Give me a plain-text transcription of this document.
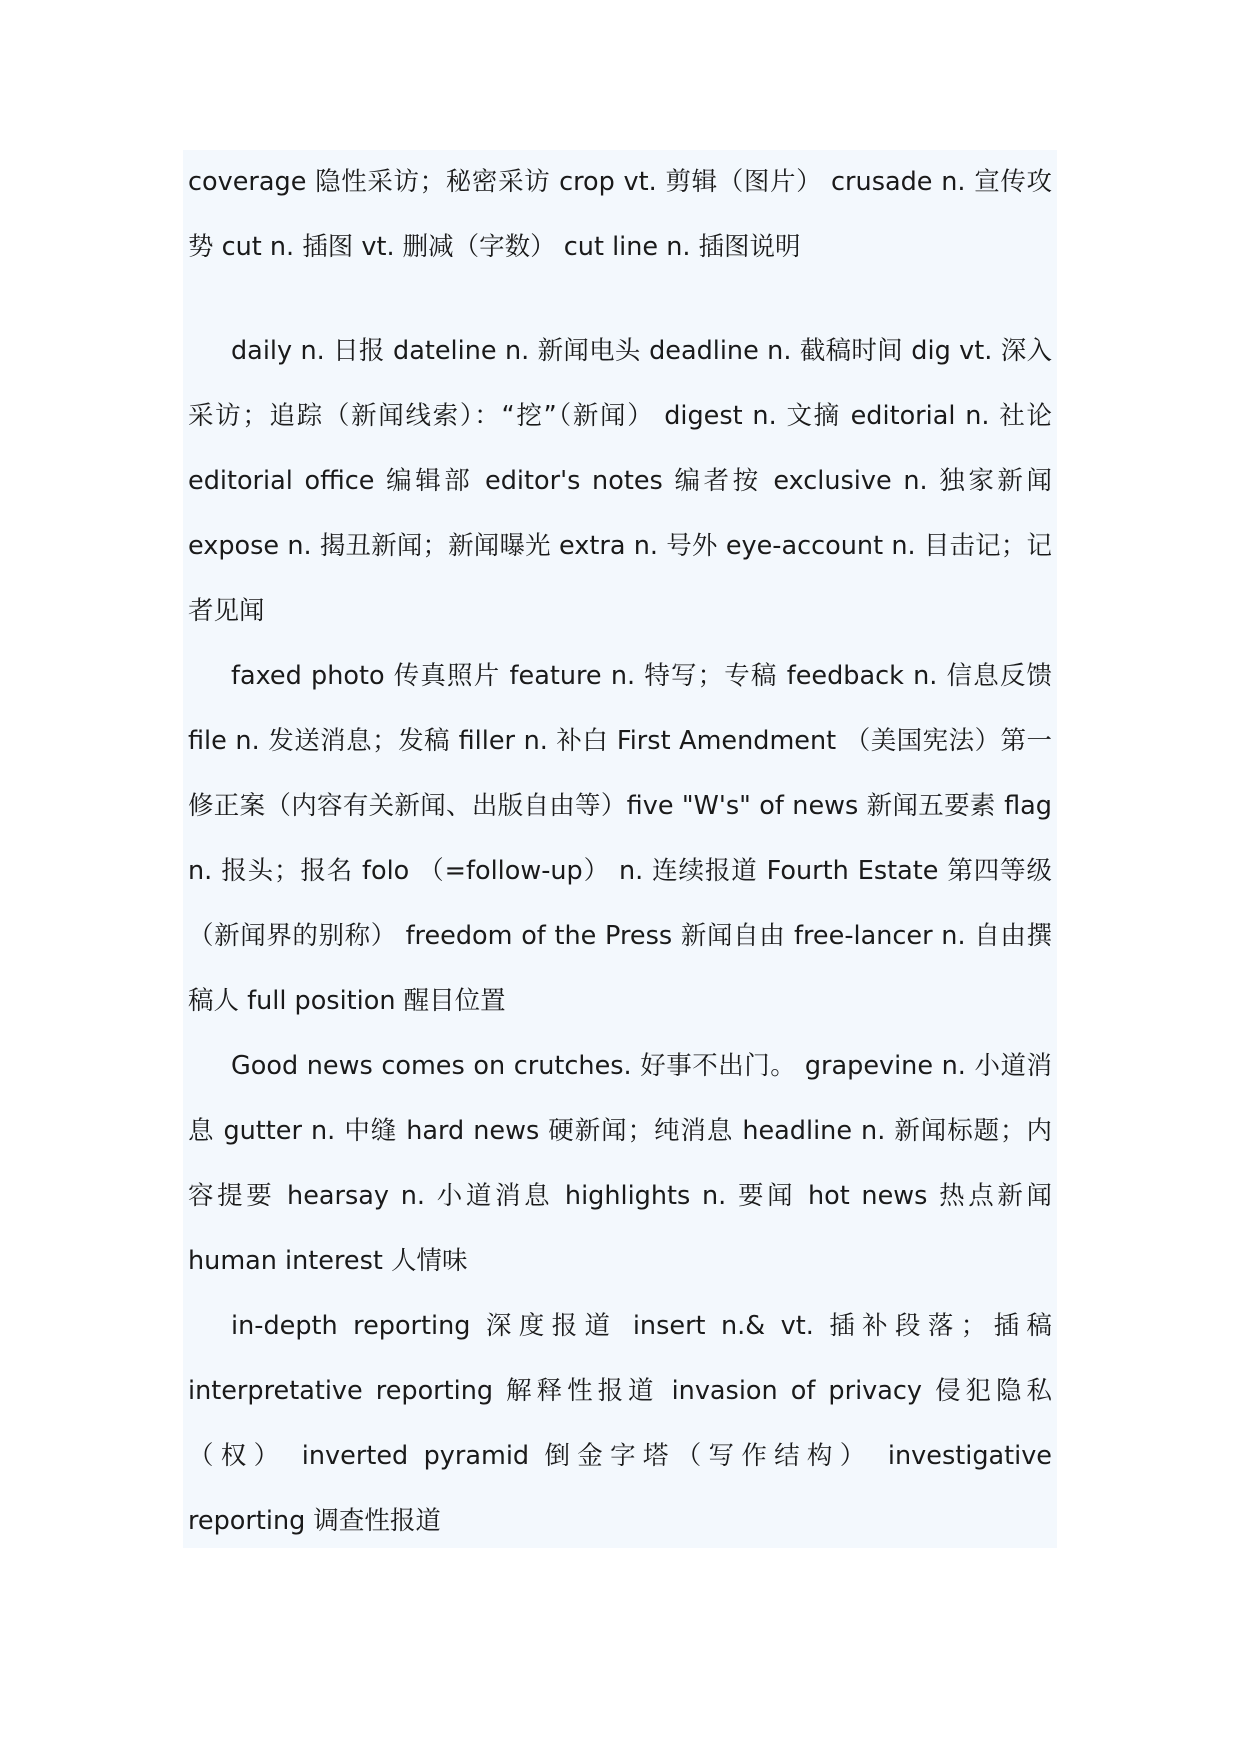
coverage 隐性采访；秘密采访 crop vt. 剪辑（图片） crusade n. 宣传攻势 cut n. 插图 vt. 删减（字数） cut line n. 插图说明

daily n. 日报 dateline n. 新闻电头 deadline n. 截稿时间 dig vt. 深入采访；追踪（新闻线索）：“挖”（新闻） digest n. 文摘 editorial n. 社论 editorial office 编辑部 editor's notes 编者按 exclusive n. 独家新闻 expose n. 揭丑新闻；新闻曝光 extra n. 号外 eye-account n. 目击记；记者见闻

faxed photo 传真照片 feature n. 特写；专稿 feedback n. 信息反馈 file n. 发送消息；发稿 filler n. 补白 First Amendment （美国宪法）第一修正案（内容有关新闻、出版自由等）five "W's" of news 新闻五要素 flag n. 报头；报名 folo （=follow-up） n. 连续报道 Fourth Estate 第四等级（新闻界的别称） freedom of the Press 新闻自由 free-lancer n. 自由撰稿人 full position 醒目位置

Good news comes on crutches. 好事不出门。 grapevine n. 小道消息 gutter n. 中缝 hard news 硬新闻；纯消息 headline n. 新闻标题；内容提要 hearsay n. 小道消息 highlights n. 要闻 hot news 热点新闻 human interest 人情味

in-depth reporting 深度报道 insert n.& vt. 插补段落；插稿 interpretative reporting 解释性报道 invasion of privacy 侵犯隐私（权） inverted pyramid 倒金字塔（写作结构） investigative reporting 调查性报道
